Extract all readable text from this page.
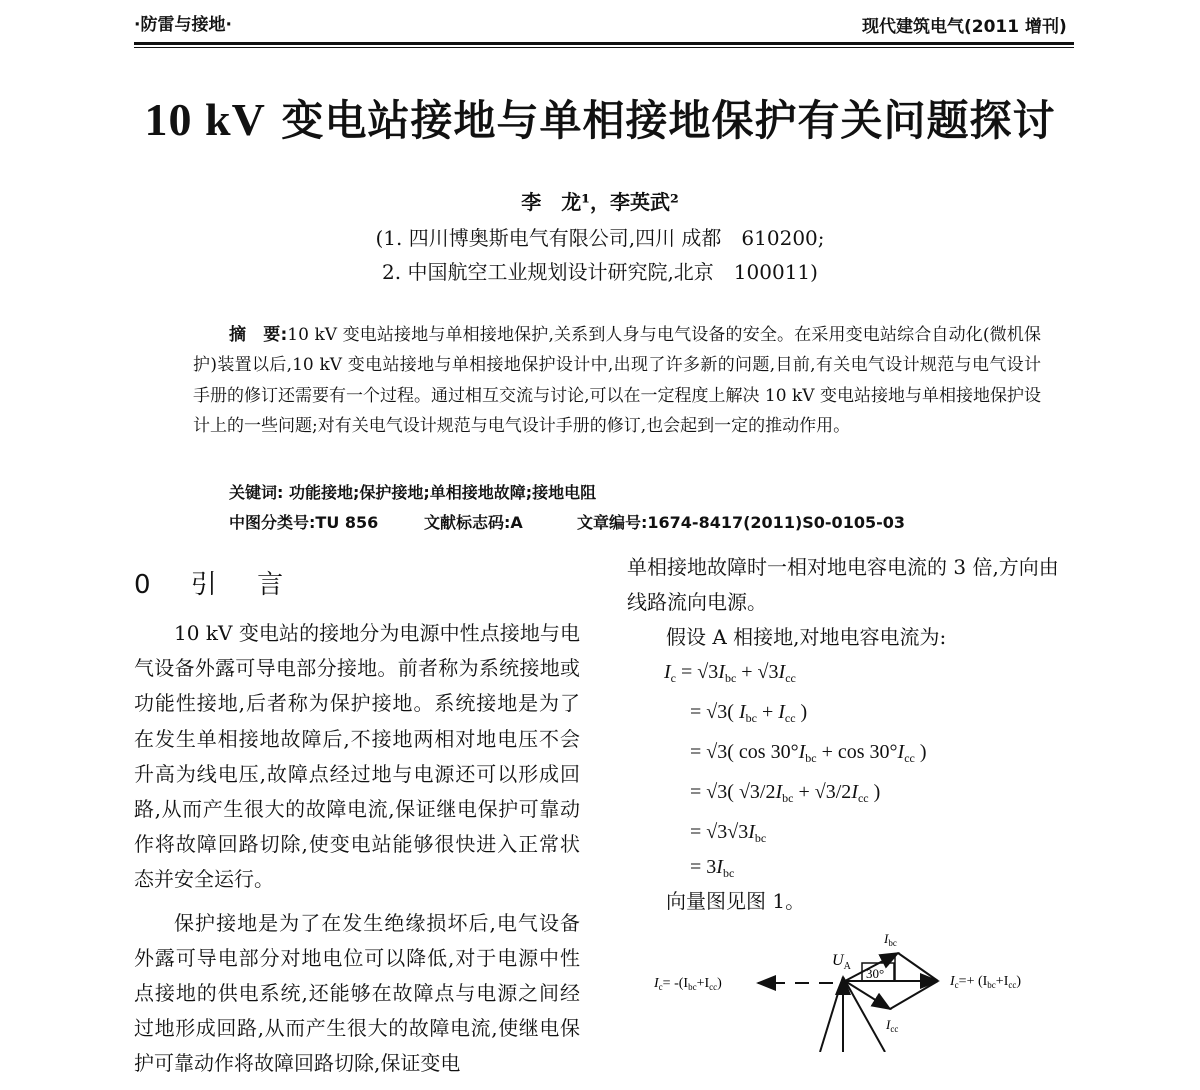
·防雷与接地·	现代建筑电气(2011 增刊)
10 kV 变电站接地与单相接地保护有关问题探讨
李　龙¹，李英武²
(1. 四川博奥斯电气有限公司,四川 成都　610200;
2. 中国航空工业规划设计研究院,北京　100011)
摘　要:10 kV 变电站接地与单相接地保护,关系到人身与电气设备的安全。在采用变电站综合自动化(微机保护)装置以后,10 kV 变电站接地与单相接地保护设计中,出现了许多新的问题,目前,有关电气设计规范与电气设计手册的修订还需要有一个过程。通过相互交流与讨论,可以在一定程度上解决 10 kV 变电站接地与单相接地保护设计上的一些问题;对有关电气设计规范与电气设计手册的修订,也会起到一定的推动作用。
关键词: 功能接地;保护接地;单相接地故障;接地电阻
中图分类号:TU 856	文献标志码:A	文章编号:1674-8417(2011)S0-0105-03
0 引 言

10 kV 变电站的接地分为电源中性点接地与电气设备外露可导电部分接地。前者称为系统接地或功能性接地,后者称为保护接地。系统接地是为了在发生单相接地故障后,不接地两相对地电压不会升高为线电压,故障点经过地与电源还可以形成回路,从而产生很大的故障电流,保证继电保护可靠动作将故障回路切除,使变电站能够很快进入正常状态并安全运行。

保护接地是为了在发生绝缘损坏后,电气设备外露可导电部分对地电位可以降低,对于电源中性点接地的供电系统,还能够在故障点与电源之间经过地形成回路,从而产生很大的故障电流,使继电保护可靠动作将故障回路切除,保证变电

单相接地故障时一相对地电容电流的 3 倍,方向由线路流向电源。
假设 A 相接地,对地电容电流为:
$I_c = √3I_{bc} + √3I_{cc}$
= √3( $I_{bc} + I_{cc}$ )
= √3( $\cos 30^\circ I_{bc} + \cos 30^\circ I_{cc}$ )
= √3( $√3/2I_{bc} + √3/2I_{cc}$ )
= $√3√3I_{bc}$
= $3I_{bc}$
向量图见图 1。
$I_c= -(I_{bc}+I_{cc})$
$U_A$ 30°
$I_{bc}$
$I_{cc}$
$I_c=+ (I_{bc}+I_{cc})$
